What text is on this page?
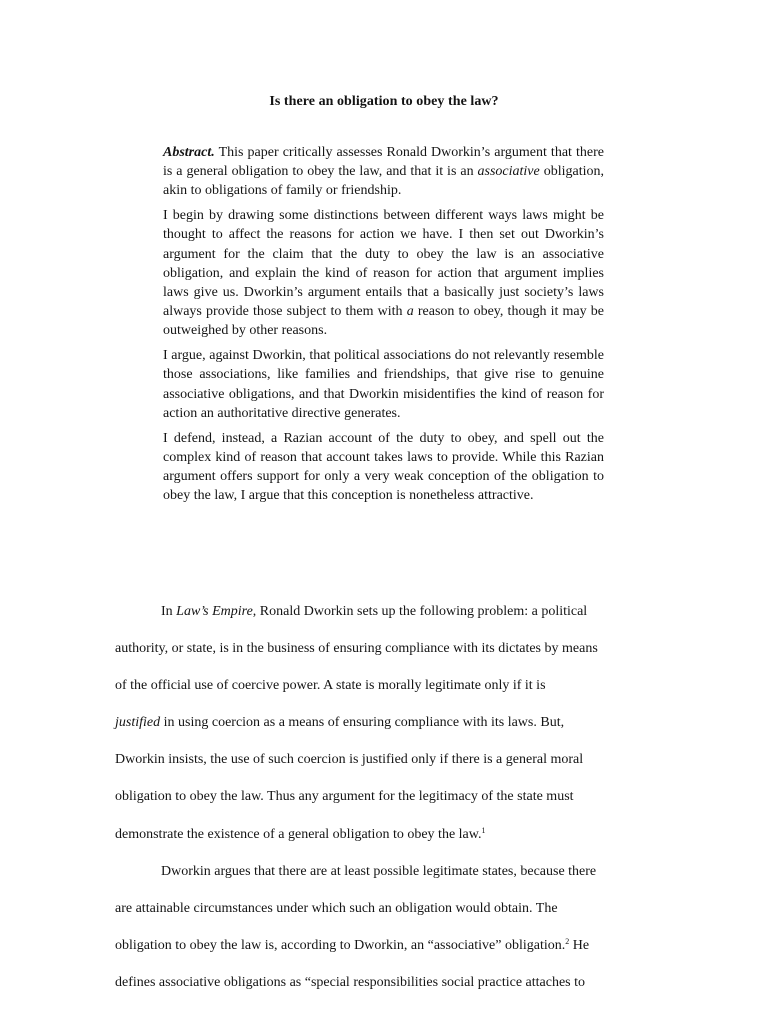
Is there an obligation to obey the law?

Abstract. This paper critically assesses Ronald Dworkin’s argument that there is a general obligation to obey the law, and that it is an associative obligation, akin to obligations of family or friendship.

I begin by drawing some distinctions between different ways laws might be thought to affect the reasons for action we have. I then set out Dworkin’s argument for the claim that the duty to obey the law is an associative obligation, and explain the kind of reason for action that argument implies laws give us. Dworkin’s argument entails that a basically just society’s laws always provide those subject to them with a reason to obey, though it may be outweighed by other reasons.

I argue, against Dworkin, that political associations do not relevantly resemble those associations, like families and friendships, that give rise to genuine associative obligations, and that Dworkin misidentifies the kind of reason for action an authoritative directive generates.

I defend, instead, a Razian account of the duty to obey, and spell out the complex kind of reason that account takes laws to provide. While this Razian argument offers support for only a very weak conception of the obligation to obey the law, I argue that this conception is nonetheless attractive.

In Law’s Empire, Ronald Dworkin sets up the following problem: a political
authority, or state, is in the business of ensuring compliance with its dictates by means
of the official use of coercive power. A state is morally legitimate only if it is
justified in using coercion as a means of ensuring compliance with its laws. But,
Dworkin insists, the use of such coercion is justified only if there is a general moral
obligation to obey the law. Thus any argument for the legitimacy of the state must
demonstrate the existence of a general obligation to obey the law.$^1$
Dworkin argues that there are at least possible legitimate states, because there
are attainable circumstances under which such an obligation would obtain. The
obligation to obey the law is, according to Dworkin, an “associative” obligation.$^2$ He
defines associative obligations as “special responsibilities social practice attaches to
